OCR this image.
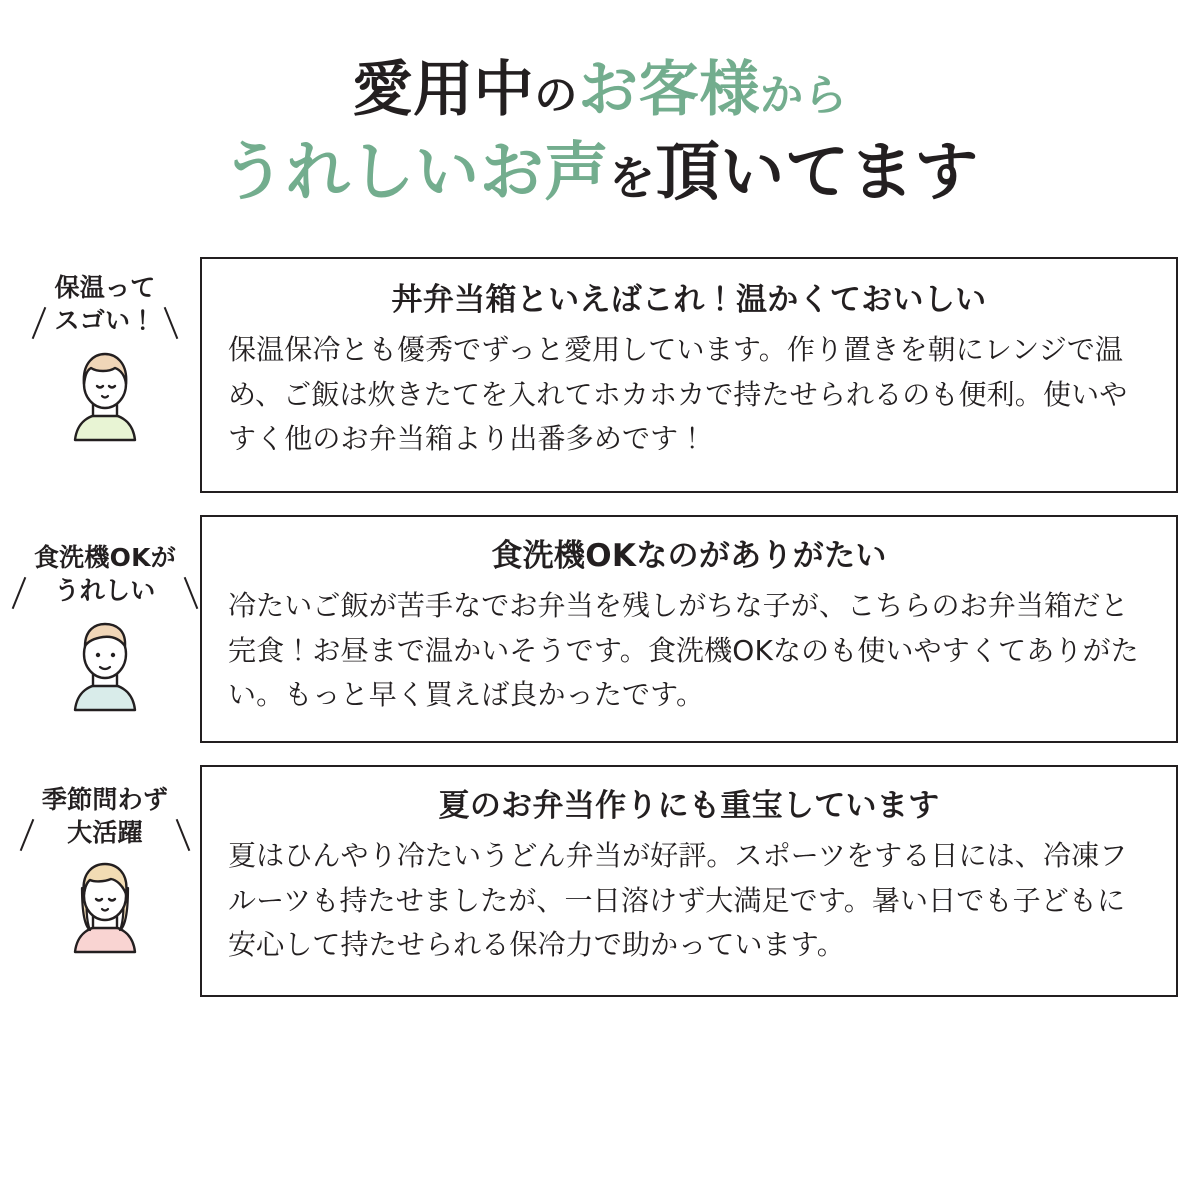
愛用中のお客様から
うれしいお声を頂いてます
保温って
スゴい！
丼弁当箱といえばこれ！温かくておいしい

保温保冷とも優秀でずっと愛用しています。作り置きを朝にレンジで温め、ご飯は炊きたてを入れてホカホカで持たせられるのも便利。使いやすく他のお弁当箱より出番多めです！

食洗機OKが
うれしい
食洗機OKなのがありがたい

冷たいご飯が苦手なでお弁当を残しがちな子が、こちらのお弁当箱だと完食！お昼まで温かいそうです。食洗機OKなのも使いやすくてありがたい。もっと早く買えば良かったです。

季節問わず
大活躍
夏のお弁当作りにも重宝しています

夏はひんやり冷たいうどん弁当が好評。スポーツをする日には、冷凍フルーツも持たせましたが、一日溶けず大満足です。暑い日でも子どもに安心して持たせられる保冷力で助かっています。
